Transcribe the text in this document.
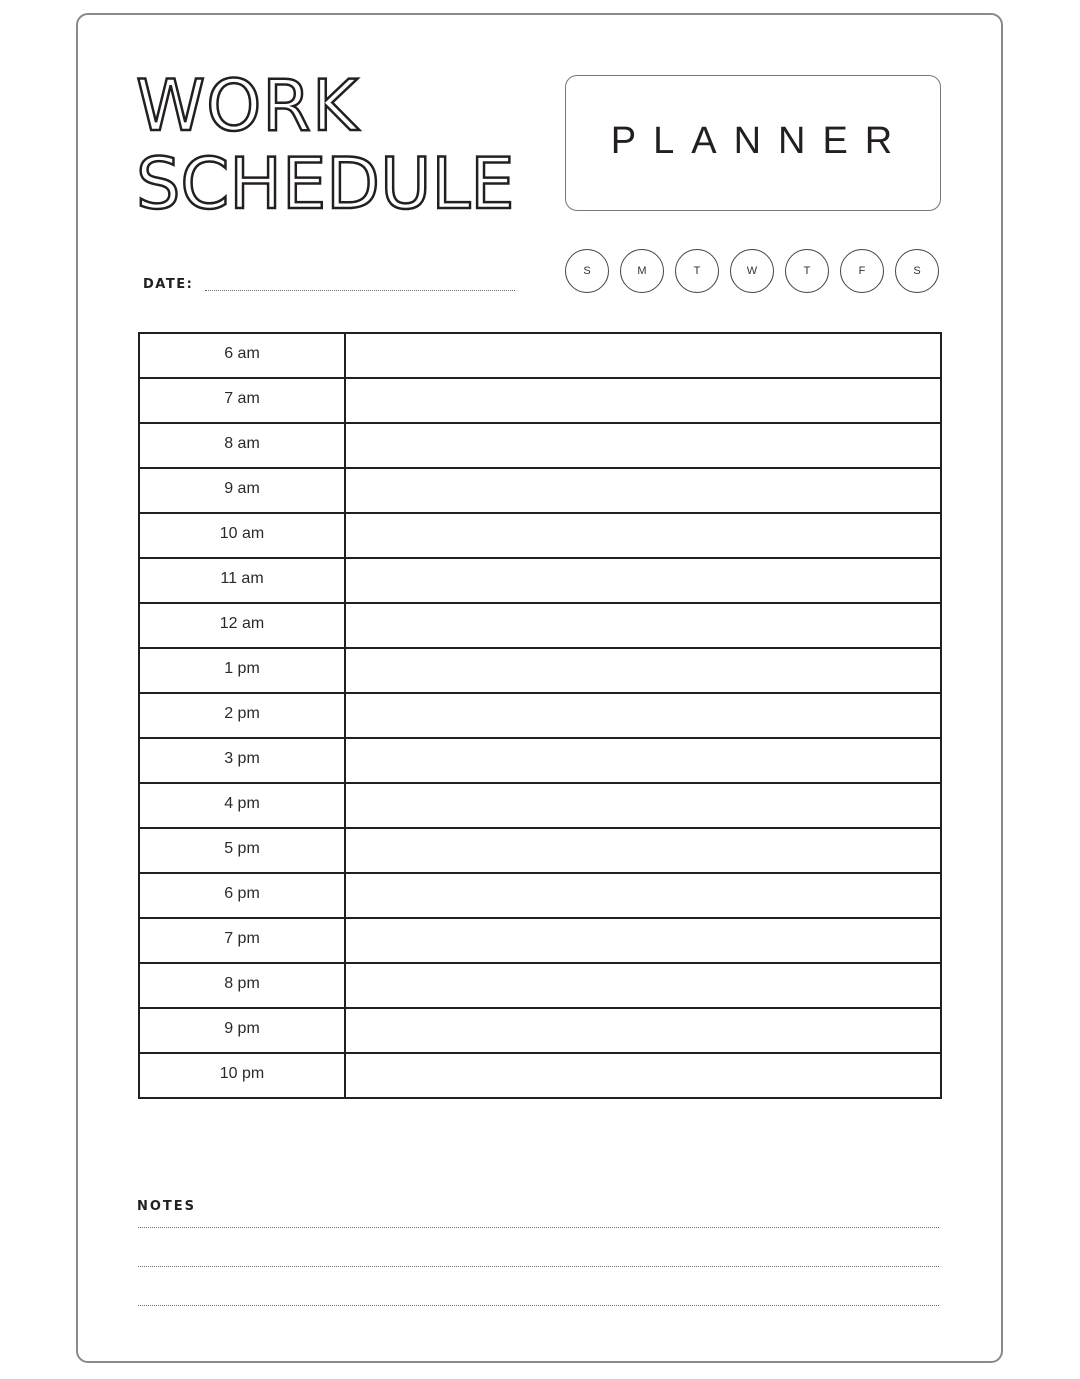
WORK
SCHEDULE
PLANNER
DATE:
S	M	T	W	T	F	S
6 am	
7 am	
8 am	
9 am	
10 am	
11 am	
12 am	
1 pm	
2 pm	
3 pm	
4 pm	
5 pm	
6 pm	
7 pm	
8 pm	
9 pm	
10 pm	
NOTES
